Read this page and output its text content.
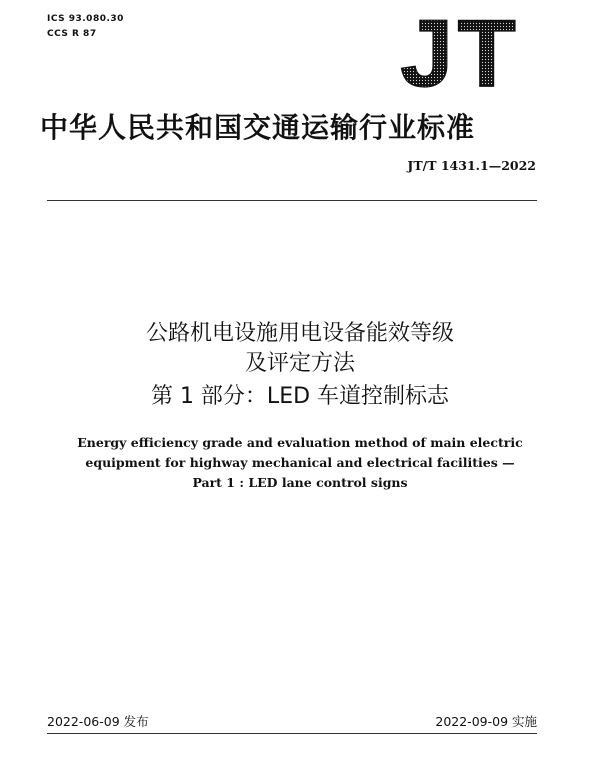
ICS 93.080.30
CCS R 87	JT
中华人民共和国交通运输行业标准
JT/T 1431.1—2022
公路机电设施用电设备能效等级
及评定方法
第 1 部分：LED 车道控制标志
Energy efficiency grade and evaluation method of main electric
equipment for highway mechanical and electrical facilities —
Part 1 : LED lane control signs
2022-06-09 发布	2022-09-09 实施
